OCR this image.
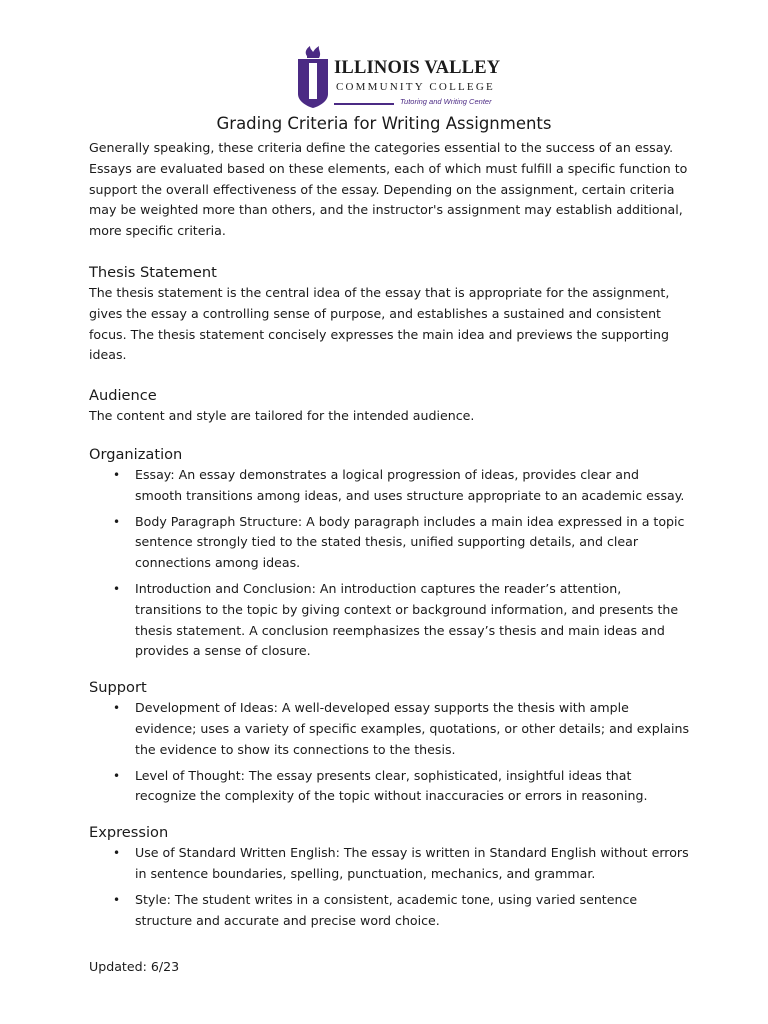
ILLINOIS VALLEY
COMMUNITY COLLEGE
Tutoring and Writing Center
Grading Criteria for Writing Assignments

Generally speaking, these criteria define the categories essential to the success of an essay. Essays are evaluated based on these elements, each of which must fulfill a specific function to support the overall effectiveness of the essay. Depending on the assignment, certain criteria may be weighted more than others, and the instructor's assignment may establish additional, more specific criteria.

Thesis Statement

The thesis statement is the central idea of the essay that is appropriate for the assignment, gives the essay a controlling sense of purpose, and establishes a sustained and consistent focus. The thesis statement concisely expresses the main idea and previews the supporting ideas.

Audience

The content and style are tailored for the intended audience.

Organization
• Essay: An essay demonstrates a logical progression of ideas, provides clear and smooth transitions among ideas, and uses structure appropriate to an academic essay.
• Body Paragraph Structure: A body paragraph includes a main idea expressed in a topic sentence strongly tied to the stated thesis, unified supporting details, and clear connections among ideas.
• Introduction and Conclusion: An introduction captures the reader’s attention, transitions to the topic by giving context or background information, and presents the thesis statement. A conclusion reemphasizes the essay’s thesis and main ideas and provides a sense of closure.
Support
• Development of Ideas: A well-developed essay supports the thesis with ample evidence; uses a variety of specific examples, quotations, or other details; and explains the evidence to show its connections to the thesis.
• Level of Thought: The essay presents clear, sophisticated, insightful ideas that recognize the complexity of the topic without inaccuracies or errors in reasoning.
Expression
• Use of Standard Written English: The essay is written in Standard English without errors in sentence boundaries, spelling, punctuation, mechanics, and grammar.
• Style: The student writes in a consistent, academic tone, using varied sentence structure and accurate and precise word choice.
Updated: 6/23
